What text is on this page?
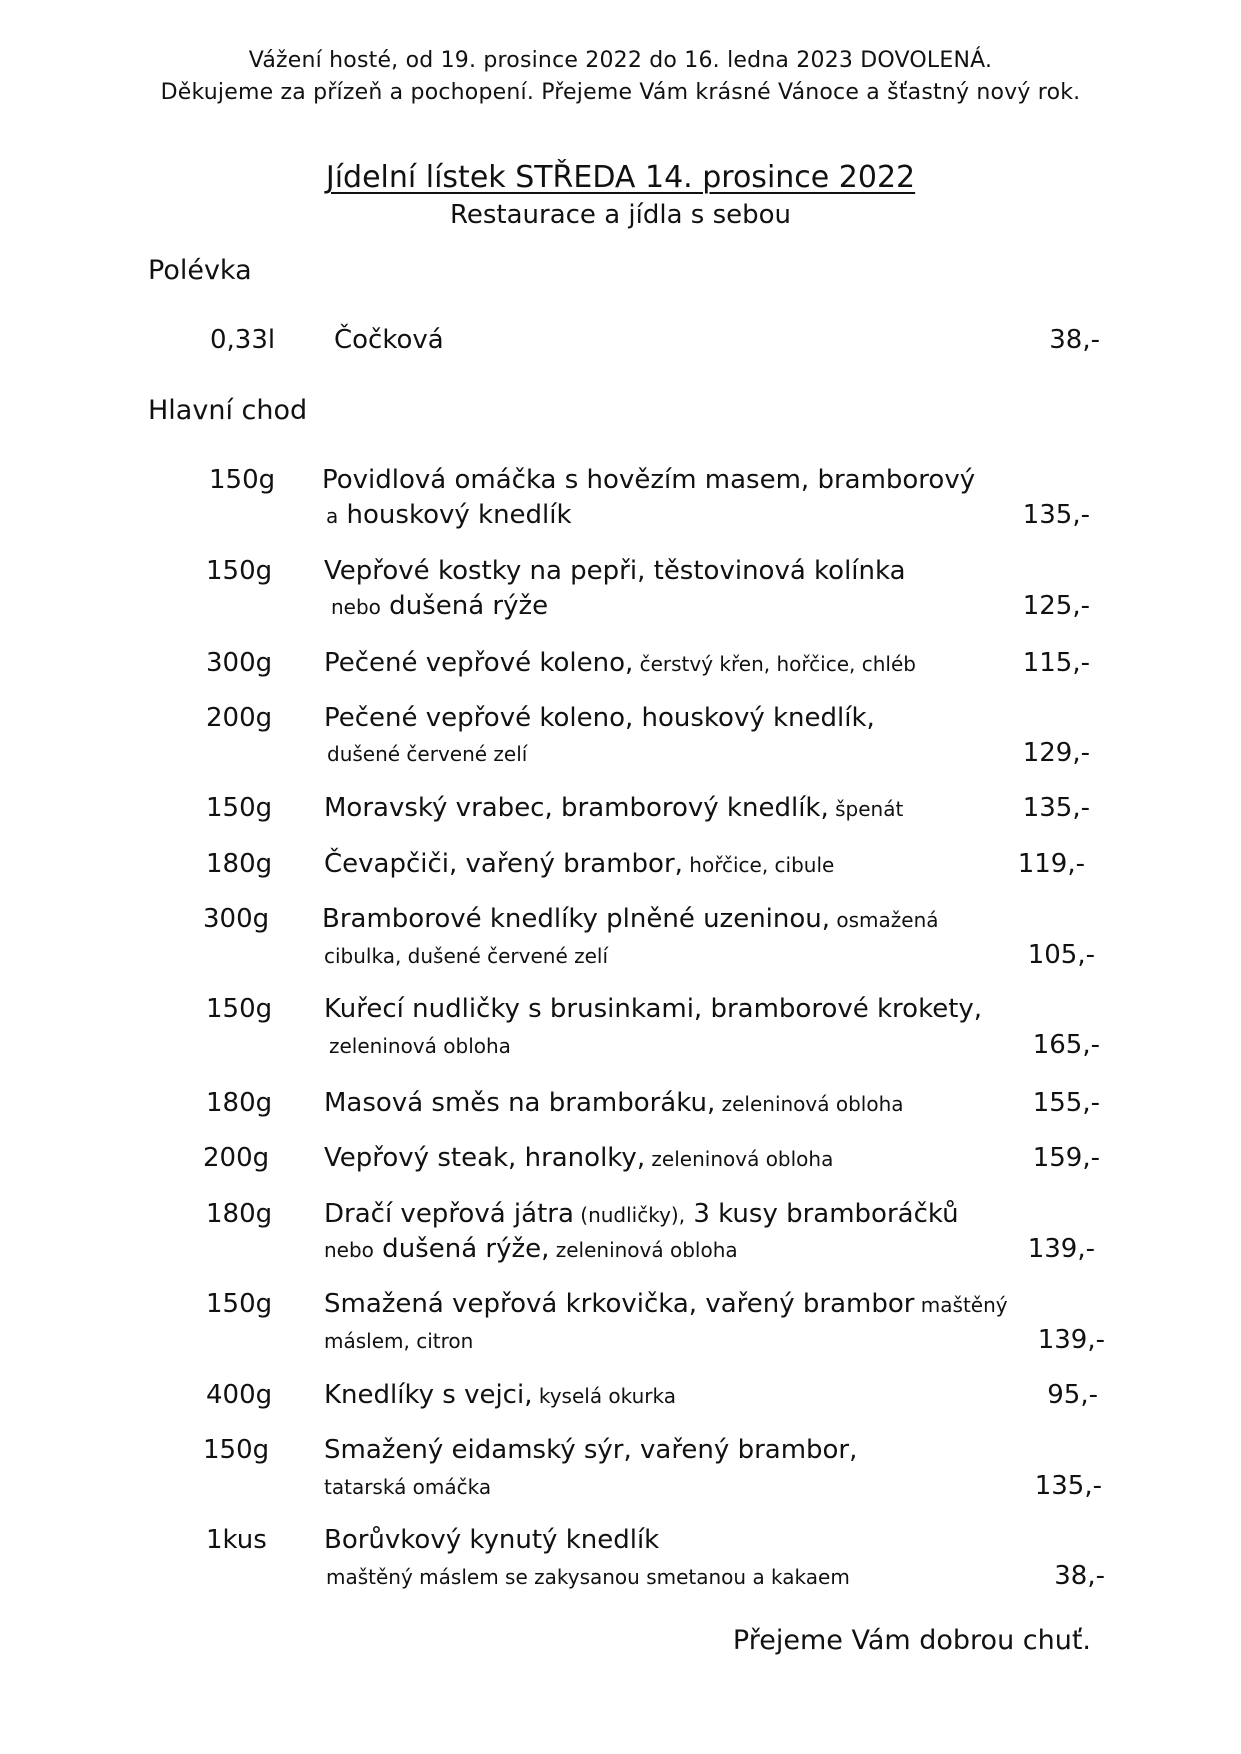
Vážení hosté, od 19. prosince 2022 do 16. ledna 2023 DOVOLENÁ.
Děkujeme za přízeň a pochopení. Přejeme Vám krásné Vánoce a šťastný nový rok.
Jídelní lístek STŘEDA 14. prosince 2022
Restaurace a jídla s sebou
Polévka
0,33l Čočková	38,-
Hlavní chod
150g Povidlová omáčka s hovězím masem, bramborový
a houskový knedlík	135,-
150g Vepřové kostky na pepři, těstovinová kolínka
nebo dušená rýže	125,-
300g Pečené vepřové koleno, čerstvý křen, hořčice, chléb	115,-
200g Pečené vepřové koleno, houskový knedlík,
dušené červené zelí	129,-
150g Moravský vrabec, bramborový knedlík, špenát	135,-
180g Čevapčiči, vařený brambor, hořčice, cibule	119,-
300g Bramborové knedlíky plněné uzeninou, osmažená
cibulka, dušené červené zelí	105,-
150g Kuřecí nudličky s brusinkami, bramborové krokety,
zeleninová obloha	165,-
180g Masová směs na bramboráku, zeleninová obloha	155,-
200g Vepřový steak, hranolky, zeleninová obloha	159,-
180g Dračí vepřová játra (nudličky), 3 kusy bramboráčků
nebo dušená rýže, zeleninová obloha	139,-
150g Smažená vepřová krkovička, vařený brambor maštěný
máslem, citron	139,-
400g Knedlíky s vejci, kyselá okurka	95,-
150g Smažený eidamský sýr, vařený brambor,
tatarská omáčka	135,-
1kus Borůvkový kynutý knedlík
maštěný máslem se zakysanou smetanou a kakaem	38,-
Přejeme Vám dobrou chuť.
